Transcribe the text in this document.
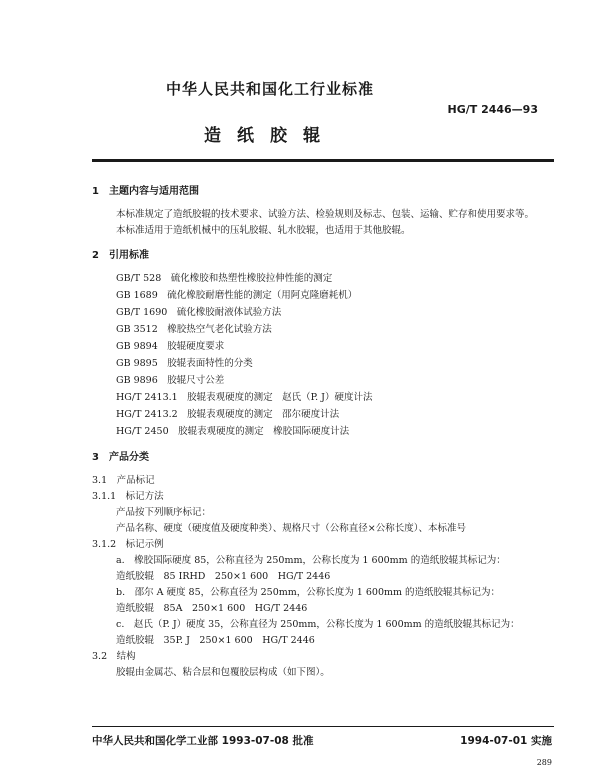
中华人民共和国化工行业标准
HG/T 2446—93
造纸胶辊
1　主题内容与适用范围
本标准规定了造纸胶辊的技术要求、试验方法、检验规则及标志、包装、运输、贮存和使用要求等。
本标准适用于造纸机械中的压轧胶辊、轧水胶辊，也适用于其他胶辊。
2　引用标准
GB/T 528　硫化橡胶和热塑性橡胶拉伸性能的测定
GB 1689　硫化橡胶耐磨性能的测定（用阿克隆磨耗机）
GB/T 1690　硫化橡胶耐液体试验方法
GB 3512　橡胶热空气老化试验方法
GB 9894　胶辊硬度要求
GB 9895　胶辊表面特性的分类
GB 9896　胶辊尺寸公差
HG/T 2413.1　胶辊表观硬度的测定　赵氏（P. J）硬度计法
HG/T 2413.2　胶辊表观硬度的测定　邵尔硬度计法
HG/T 2450　胶辊表观硬度的测定　橡胶国际硬度计法
3　产品分类
3.1　产品标记
3.1.1　标记方法
产品按下列顺序标记：
产品名称、硬度（硬度值及硬度种类）、规格尺寸（公称直径×公称长度）、本标准号
3.1.2　标记示例
a.　橡胶国际硬度 85，公称直径为 250mm，公称长度为 1 600mm 的造纸胶辊其标记为：
造纸胶辊　85 IRHD　250×1 600　HG/T 2446
b.　邵尔 A 硬度 85，公称直径为 250mm，公称长度为 1 600mm 的造纸胶辊其标记为：
造纸胶辊　85A　250×1 600　HG/T 2446
c.　赵氏（P. J）硬度 35，公称直径为 250mm，公称长度为 1 600mm 的造纸胶辊其标记为：
造纸胶辊　35P. J　250×1 600　HG/T 2446
3.2　结构
胶辊由金属芯、粘合层和包覆胶层构成（如下图）。
中华人民共和国化学工业部 1993-07-08 批准	1994-07-01 实施
289
